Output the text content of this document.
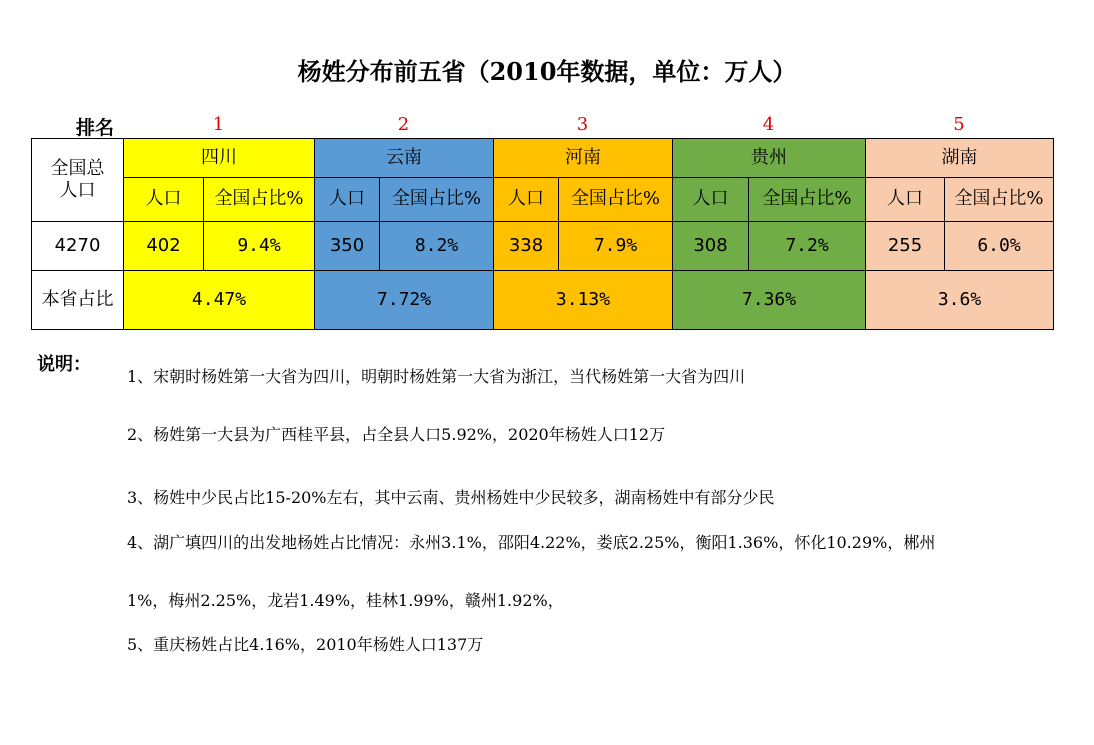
杨姓分布前五省（2010年数据，单位：万人）
排名	1	2	3	4	5
全国总人口	四川		云南		河南		贵州		湖南	
	人口	全国占比%	人口	全国占比%	人口	全国占比%	人口	全国占比%	人口	全国占比%
4270	402	9.4%	350	8.2%	338	7.9%	308	7.2%	255	6.0%
本省占比	4.47%		7.72%		3.13%		7.36%		3.6%	
说明：
1、宋朝时杨姓第一大省为四川，明朝时杨姓第一大省为浙江，当代杨姓第一大省为四川
2、杨姓第一大县为广西桂平县，占全县人口5.92%，2020年杨姓人口12万
3、杨姓中少民占比15-20%左右，其中云南、贵州杨姓中少民较多，湖南杨姓中有部分少民
4、湖广填四川的出发地杨姓占比情况：永州3.1%，邵阳4.22%，娄底2.25%，衡阳1.36%，怀化10.29%，郴州
1%，梅州2.25%，龙岩1.49%，桂林1.99%，赣州1.92%，
5、重庆杨姓占比4.16%，2010年杨姓人口137万
